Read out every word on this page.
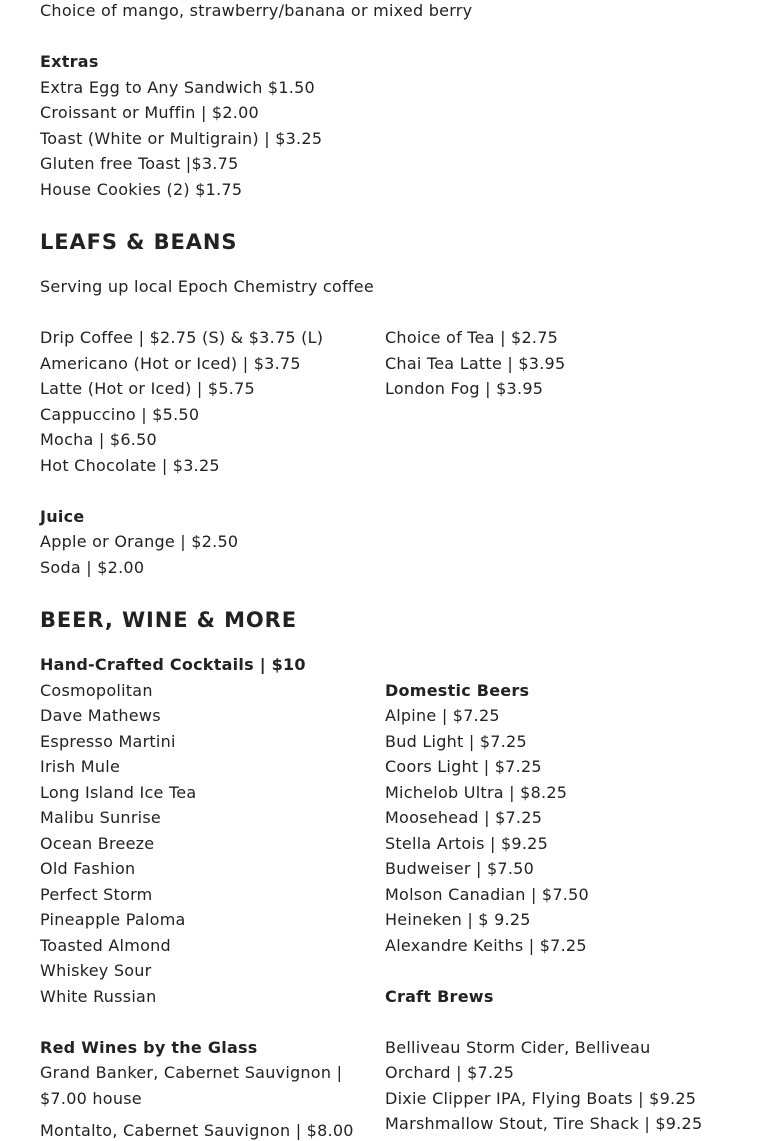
Choice of mango, strawberry/banana or mixed berry
Extras
Extra Egg to Any Sandwich $1.50
Croissant or Muffin | $2.00
Toast (White or Multigrain) | $3.25
Gluten free Toast |$3.75
House Cookies (2) $1.75
LEAFS & BEANS
Serving up local Epoch Chemistry coffee
Drip Coffee | $2.75 (S) & $3.75 (L)
Americano (Hot or Iced) | $3.75
Latte (Hot or Iced) | $5.75
Cappuccino | $5.50
Mocha | $6.50
Hot Chocolate | $3.25
Choice of Tea | $2.75
Chai Tea Latte | $3.95
London Fog | $3.95
Juice
Apple or Orange | $2.50
Soda | $2.00
BEER, WINE & MORE
Hand-Crafted Cocktails | $10
Cosmopolitan
Dave Mathews
Espresso Martini
Irish Mule
Long Island Ice Tea
Malibu Sunrise
Ocean Breeze
Old Fashion
Perfect Storm
Pineapple Paloma
Toasted Almond
Whiskey Sour
White Russian
Domestic Beers
Alpine | $7.25
Bud Light | $7.25
Coors Light | $7.25
Michelob Ultra | $8.25
Moosehead | $7.25
Stella Artois | $9.25
Budweiser | $7.50
Molson Canadian | $7.50
Heineken | $ 9.25
Alexandre Keiths | $7.25
Craft Brews
Belliveau Storm Cider, Belliveau
Orchard | $7.25
Dixie Clipper IPA, Flying Boats | $9.25
Marshmallow Stout, Tire Shack | $9.25
Red Wines by the Glass
Grand Banker, Cabernet Sauvignon |
$7.00 house
Montalto, Cabernet Sauvignon | $8.00
